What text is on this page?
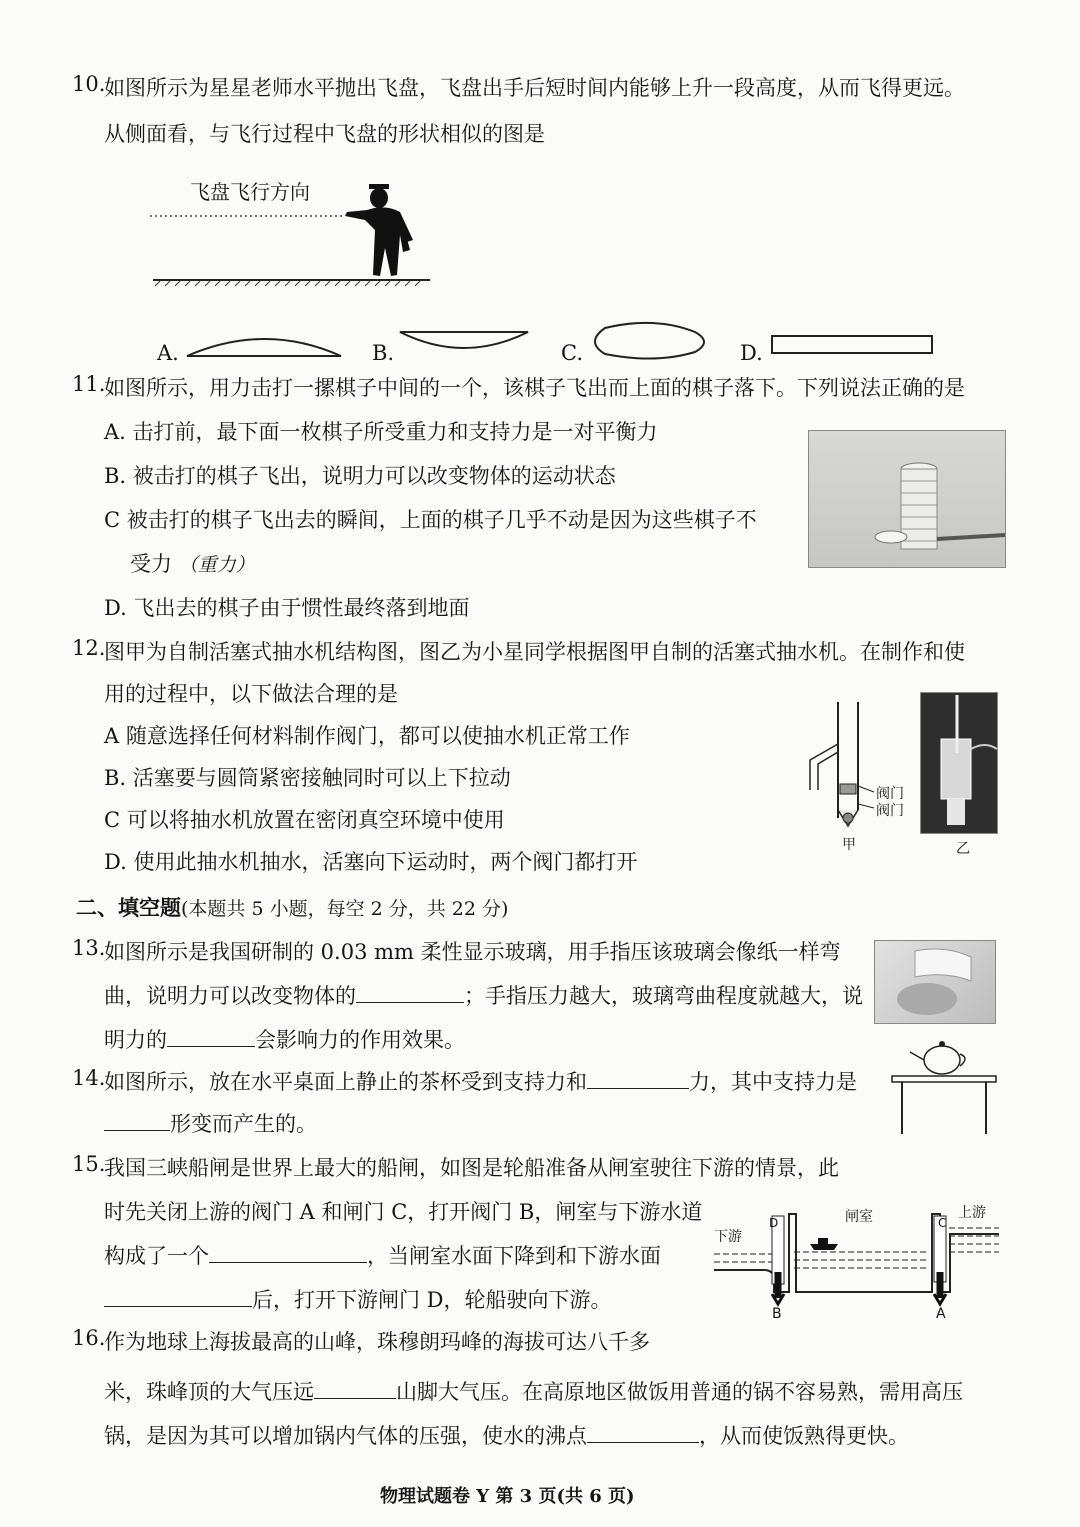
10.
如图所示为星星老师水平抛出飞盘，飞盘出手后短时间内能够上升一段高度，从而飞得更远。
从侧面看，与飞行过程中飞盘的形状相似的图是
飞盘飞行方向
A.	B.	C.	D.
11.
如图所示，用力击打一摞棋子中间的一个，该棋子飞出而上面的棋子落下。下列说法正确的是
A. 击打前，最下面一枚棋子所受重力和支持力是一对平衡力
B. 被击打的棋子飞出，说明力可以改变物体的运动状态
C 被击打的棋子飞出去的瞬间，上面的棋子几乎不动是因为这些棋子不
受力 （重力）
D. 飞出去的棋子由于惯性最终落到地面
12.
图甲为自制活塞式抽水机结构图，图乙为小星同学根据图甲自制的活塞式抽水机。在制作和使
用的过程中，以下做法合理的是
A 随意选择任何材料制作阀门，都可以使抽水机正常工作
B. 活塞要与圆筒紧密接触同时可以上下拉动
C 可以将抽水机放置在密闭真空环境中使用
D. 使用此抽水机抽水，活塞向下运动时，两个阀门都打开
阀门
阀门
甲	乙
二、填空题(本题共 5 小题，每空 2 分，共 22 分)
13.
如图所示是我国研制的 0.03 mm 柔性显示玻璃，用手指压该玻璃会像纸一样弯
曲，说明力可以改变物体的	；手指压力越大，玻璃弯曲程度就越大，说
明力的	会影响力的作用效果。
14.
如图所示，放在水平桌面上静止的茶杯受到支持力和	力，其中支持力是
形变而产生的。
15.
我国三峡船闸是世界上最大的船闸，如图是轮船准备从闸室驶往下游的情景，此
时先关闭上游的阀门 A 和闸门 C，打开阀门 B，闸室与下游水道
构成了一个	，当闸室水面下降到和下游水面
后，打开下游闸门 D，轮船驶向下游。
闸室	上游
下游
D	C
B	A
16.
作为地球上海拔最高的山峰，珠穆朗玛峰的海拔可达八千多
米，珠峰顶的大气压远	山脚大气压。在高原地区做饭用普通的锅不容易熟，需用高压
锅，是因为其可以增加锅内气体的压强，使水的沸点	，从而使饭熟得更快。
物理试题卷 Y 第 3 页(共 6 页)
